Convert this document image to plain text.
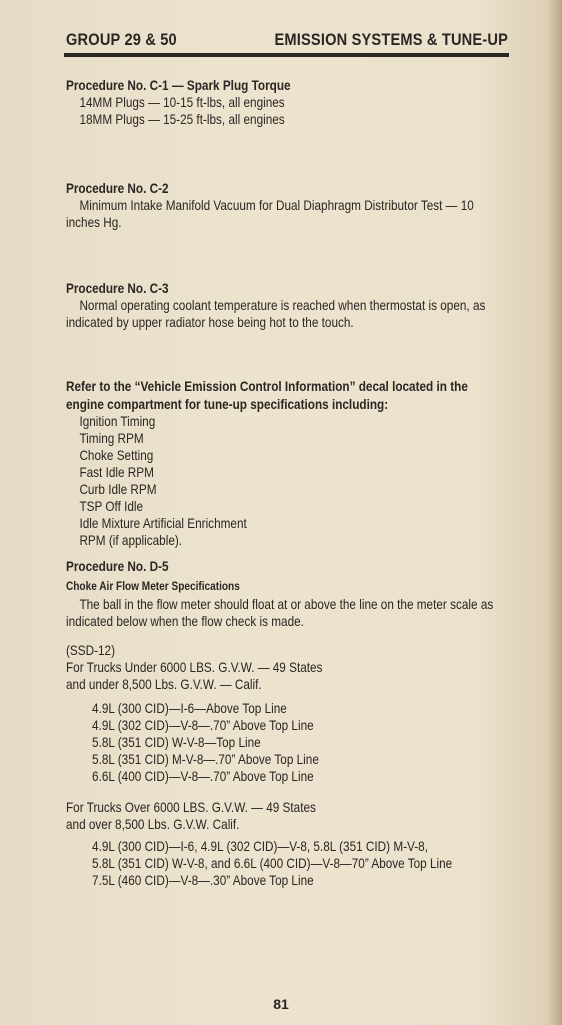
GROUP 29 & 50	EMISSION SYSTEMS & TUNE-UP
Procedure No. C-1 — Spark Plug Torque
14MM Plugs — 10-15 ft-lbs, all engines
18MM Plugs — 15-25 ft-lbs, all engines
Procedure No. C-2
Minimum Intake Manifold Vacuum for Dual Diaphragm Distributor Test — 10
inches Hg.
Procedure No. C-3
Normal operating coolant temperature is reached when thermostat is open, as
indicated by upper radiator hose being hot to the touch.
Refer to the “Vehicle Emission Control Information” decal located in the
engine compartment for tune-up specifications including:
Ignition Timing
Timing RPM
Choke Setting
Fast Idle RPM
Curb Idle RPM
TSP Off Idle
Idle Mixture Artificial Enrichment
RPM (if applicable).
Procedure No. D-5
Choke Air Flow Meter Specifications
The ball in the flow meter should float at or above the line on the meter scale as
indicated below when the flow check is made.
(SSD-12)
For Trucks Under 6000 LBS. G.V.W. — 49 States
and under 8,500 Lbs. G.V.W. — Calif.
4.9L (300 CID)—I-6—Above Top Line
4.9L (302 CID)—V-8—.70” Above Top Line
5.8L (351 CID) W-V-8—Top Line
5.8L (351 CID) M-V-8—.70” Above Top Line
6.6L (400 CID)—V-8—.70” Above Top Line
For Trucks Over 6000 LBS. G.V.W. — 49 States
and over 8,500 Lbs. G.V.W. Calif.
4.9L (300 CID)—I-6, 4.9L (302 CID)—V-8, 5.8L (351 CID) M-V-8,
5.8L (351 CID) W-V-8, and 6.6L (400 CID)—V-8—70” Above Top Line
7.5L (460 CID)—V-8—.30” Above Top Line
81
